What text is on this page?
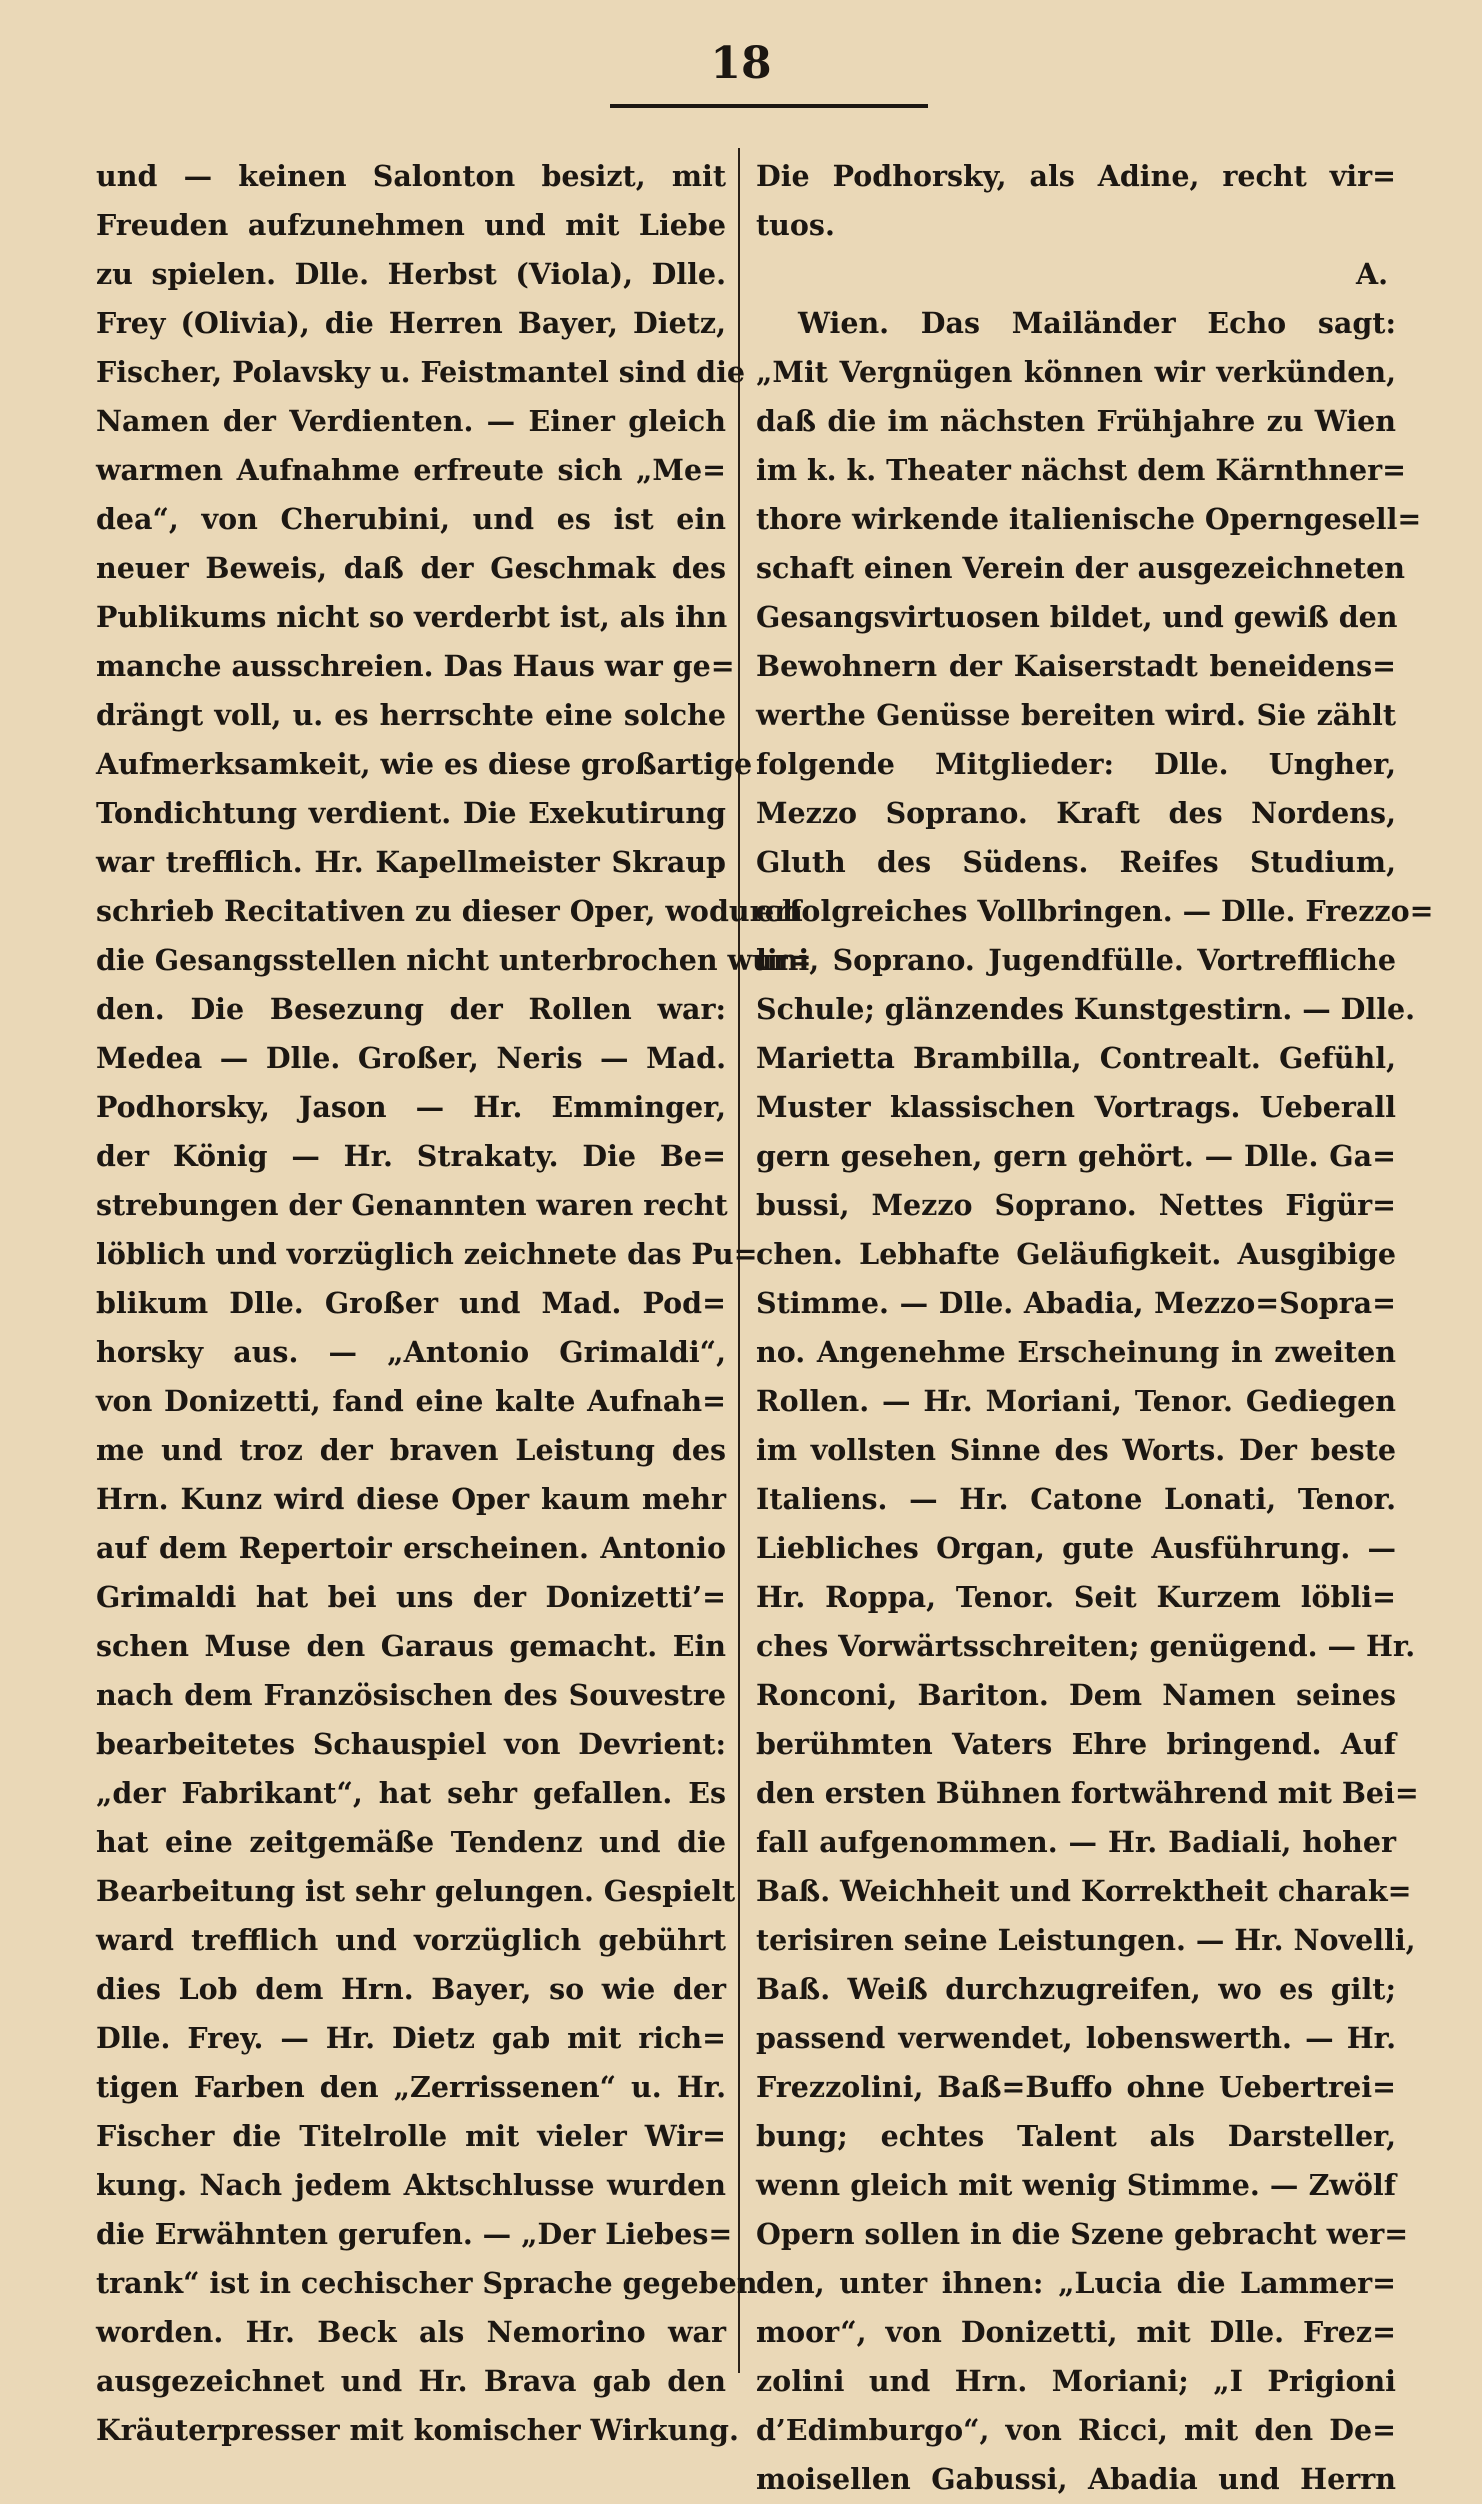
18
und — keinen Salonton besizt, mit
Freuden aufzunehmen und mit Liebe
zu spielen. Dlle. Herbst (Viola), Dlle.
Frey (Olivia), die Herren Bayer, Dietz,
Fischer, Polavsky u. Feistmantel sind die
Namen der Verdienten. — Einer gleich
warmen Aufnahme erfreute sich „Me=
dea“, von Cherubini, und es ist ein
neuer Beweis, daß der Geschmak des
Publikums nicht so verderbt ist, als ihn
manche ausschreien. Das Haus war ge=
drängt voll, u. es herrschte eine solche
Aufmerksamkeit, wie es diese großartige
Tondichtung verdient. Die Exekutirung
war trefflich. Hr. Kapellmeister Skraup
schrieb Recitativen zu dieser Oper, wodurch
die Gesangsstellen nicht unterbrochen wur=
den. Die Besezung der Rollen war:
Medea — Dlle. Großer, Neris — Mad.
Podhorsky, Jason — Hr. Emminger,
der König — Hr. Strakaty. Die Be=
strebungen der Genannten waren recht
löblich und vorzüglich zeichnete das Pu=
blikum Dlle. Großer und Mad. Pod=
horsky aus. — „Antonio Grimaldi“,
von Donizetti, fand eine kalte Aufnah=
me und troz der braven Leistung des
Hrn. Kunz wird diese Oper kaum mehr
auf dem Repertoir erscheinen. Antonio
Grimaldi hat bei uns der Donizetti’=
schen Muse den Garaus gemacht. Ein
nach dem Französischen des Souvestre
bearbeitetes Schauspiel von Devrient:
„der Fabrikant“, hat sehr gefallen. Es
hat eine zeitgemäße Tendenz und die
Bearbeitung ist sehr gelungen. Gespielt
ward trefflich und vorzüglich gebührt
dies Lob dem Hrn. Bayer, so wie der
Dlle. Frey. — Hr. Dietz gab mit rich=
tigen Farben den „Zerrissenen“ u. Hr.
Fischer die Titelrolle mit vieler Wir=
kung. Nach jedem Aktschlusse wurden
die Erwähnten gerufen. — „Der Liebes=
trank“ ist in cechischer Sprache gegeben
worden. Hr. Beck als Nemorino war
ausgezeichnet und Hr. Brava gab den
Kräuterpresser mit komischer Wirkung.
Die Podhorsky, als Adine, recht vir=
tuos.
A.
Wien. Das Mailänder Echo sagt:
„Mit Vergnügen können wir verkünden,
daß die im nächsten Frühjahre zu Wien
im k. k. Theater nächst dem Kärnthner=
thore wirkende italienische Operngesell=
schaft einen Verein der ausgezeichneten
Gesangsvirtuosen bildet, und gewiß den
Bewohnern der Kaiserstadt beneidens=
werthe Genüsse bereiten wird. Sie zählt
folgende Mitglieder: Dlle. Ungher,
Mezzo Soprano. Kraft des Nordens,
Gluth des Südens. Reifes Studium,
erfolgreiches Vollbringen. — Dlle. Frezzo=
lini, Soprano. Jugendfülle. Vortreffliche
Schule; glänzendes Kunstgestirn. — Dlle.
Marietta Brambilla, Contrealt. Gefühl,
Muster klassischen Vortrags. Ueberall
gern gesehen, gern gehört. — Dlle. Ga=
bussi, Mezzo Soprano. Nettes Figür=
chen. Lebhafte Geläufigkeit. Ausgibige
Stimme. — Dlle. Abadia, Mezzo=Sopra=
no. Angenehme Erscheinung in zweiten
Rollen. — Hr. Moriani, Tenor. Gediegen
im vollsten Sinne des Worts. Der beste
Italiens. — Hr. Catone Lonati, Tenor.
Liebliches Organ, gute Ausführung. —
Hr. Roppa, Tenor. Seit Kurzem löbli=
ches Vorwärtsschreiten; genügend. — Hr.
Ronconi, Bariton. Dem Namen seines
berühmten Vaters Ehre bringend. Auf
den ersten Bühnen fortwährend mit Bei=
fall aufgenommen. — Hr. Badiali, hoher
Baß. Weichheit und Korrektheit charak=
terisiren seine Leistungen. — Hr. Novelli,
Baß. Weiß durchzugreifen, wo es gilt;
passend verwendet, lobenswerth. — Hr.
Frezzolini, Baß=Buffo ohne Uebertrei=
bung; echtes Talent als Darsteller,
wenn gleich mit wenig Stimme. — Zwölf
Opern sollen in die Szene gebracht wer=
den, unter ihnen: „Lucia die Lammer=
moor“, von Donizetti, mit Dlle. Frez=
zolini und Hrn. Moriani; „I Prigioni
d’Edimburgo“, von Ricci, mit den De=
moisellen Gabussi, Abadia und Herrn
